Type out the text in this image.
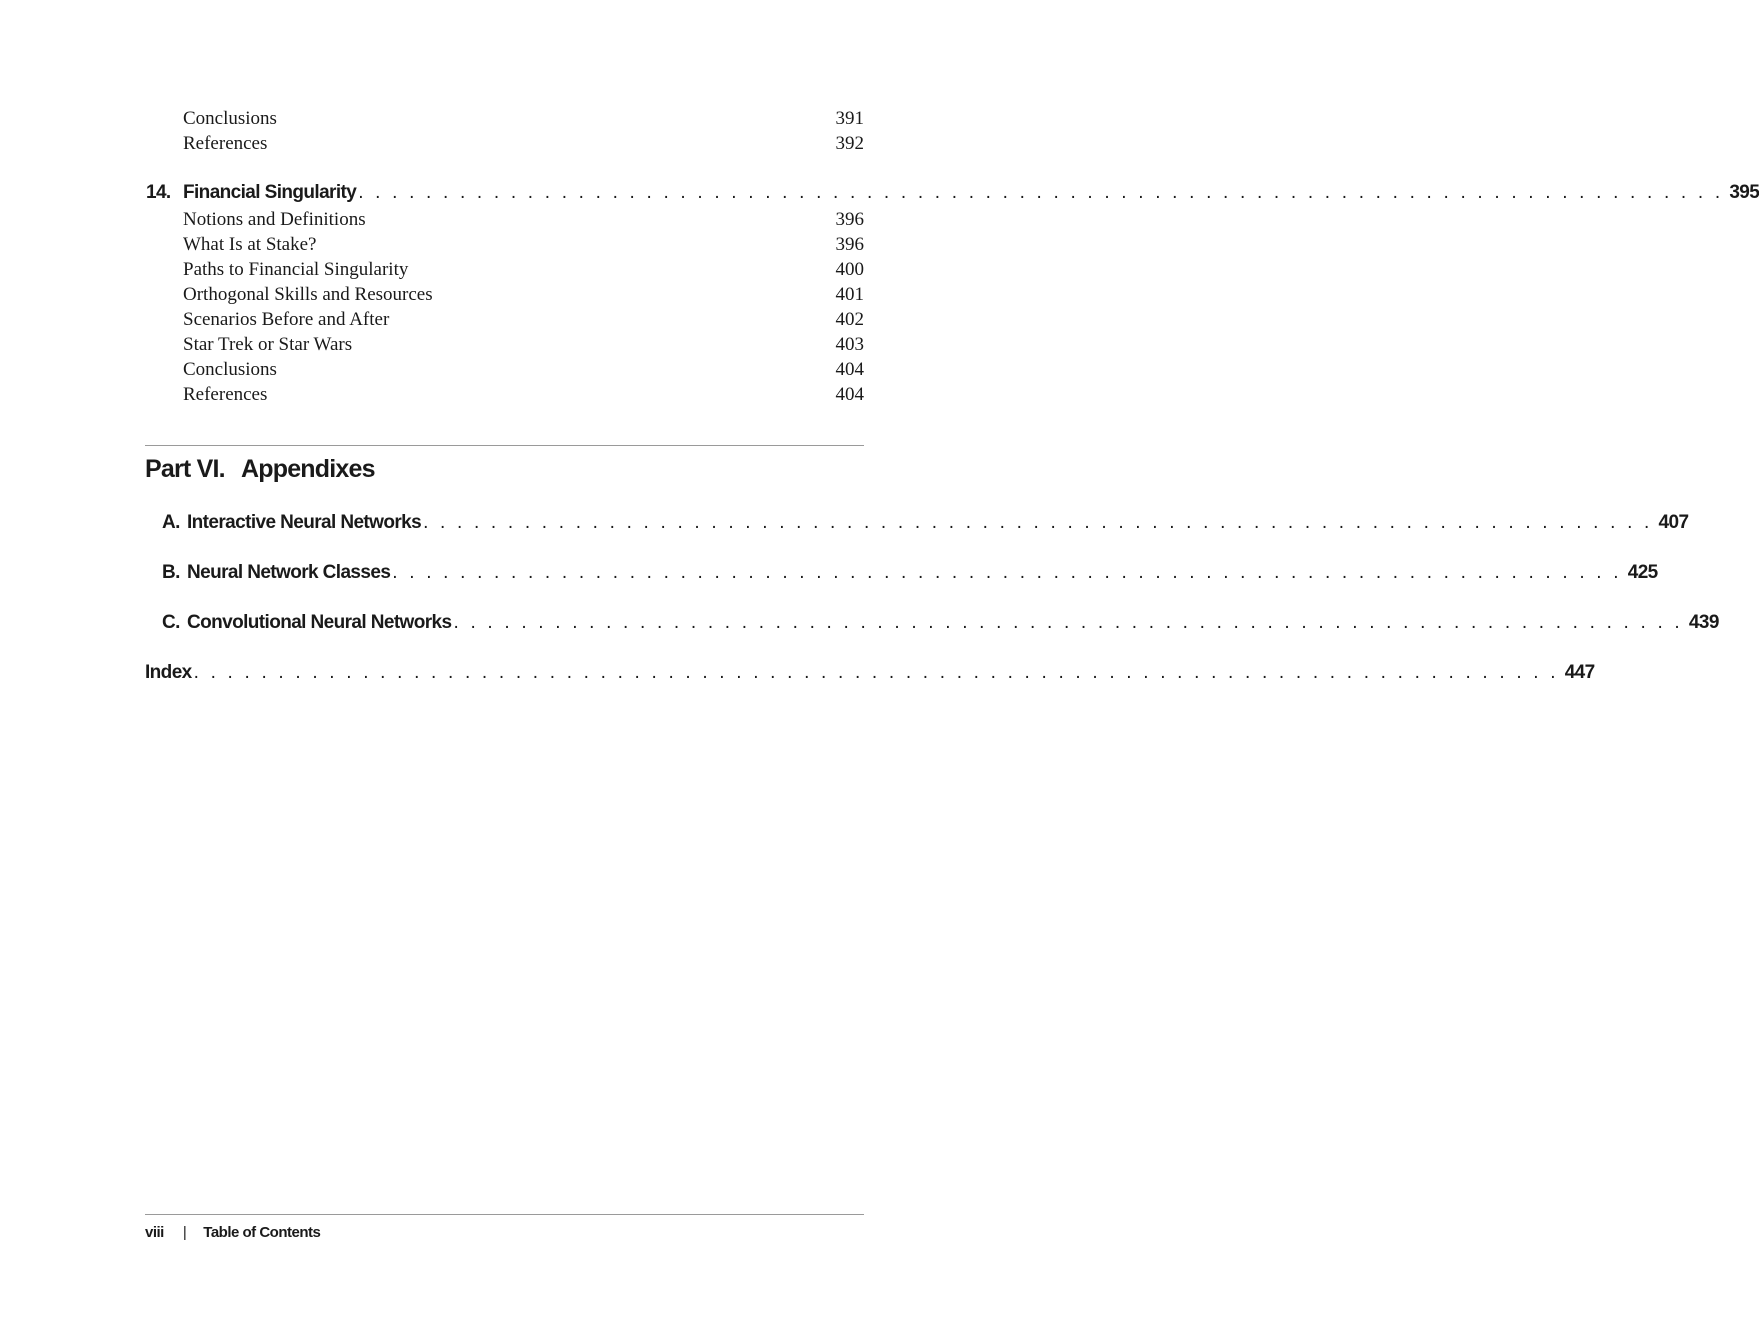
Conclusions	391
References	392
14. Financial Singularity . . . . . . . . . . . . . . . . . . . . . . . . . . . . . . . . . . . . . . . . . . . . . . . . . . . . . . . . . . . . . . . . . . . . . . . . . . . . . . . . . 395
Notions and Definitions	396
What Is at Stake?	396
Paths to Financial Singularity	400
Orthogonal Skills and Resources	401
Scenarios Before and After	402
Star Trek or Star Wars	403
Conclusions	404
References	404
Part VI. Appendixes
A. Interactive Neural Networks . . . . . . . . . . . . . . . . . . . . . . . . . . . . . . . . . . . . . . . . . . . . . . . . . . . . . . . . . . . . . . . . . . . . . . . . . 407
B. Neural Network Classes . . . . . . . . . . . . . . . . . . . . . . . . . . . . . . . . . . . . . . . . . . . . . . . . . . . . . . . . . . . . . . . . . . . . . . . . . 425
C. Convolutional Neural Networks . . . . . . . . . . . . . . . . . . . . . . . . . . . . . . . . . . . . . . . . . . . . . . . . . . . . . . . . . . . . . . . . . . . . . . . . . 439
Index . . . . . . . . . . . . . . . . . . . . . . . . . . . . . . . . . . . . . . . . . . . . . . . . . . . . . . . . . . . . . . . . . . . . . . . . . . . . . . . . . 447
viii | Table of Contents
